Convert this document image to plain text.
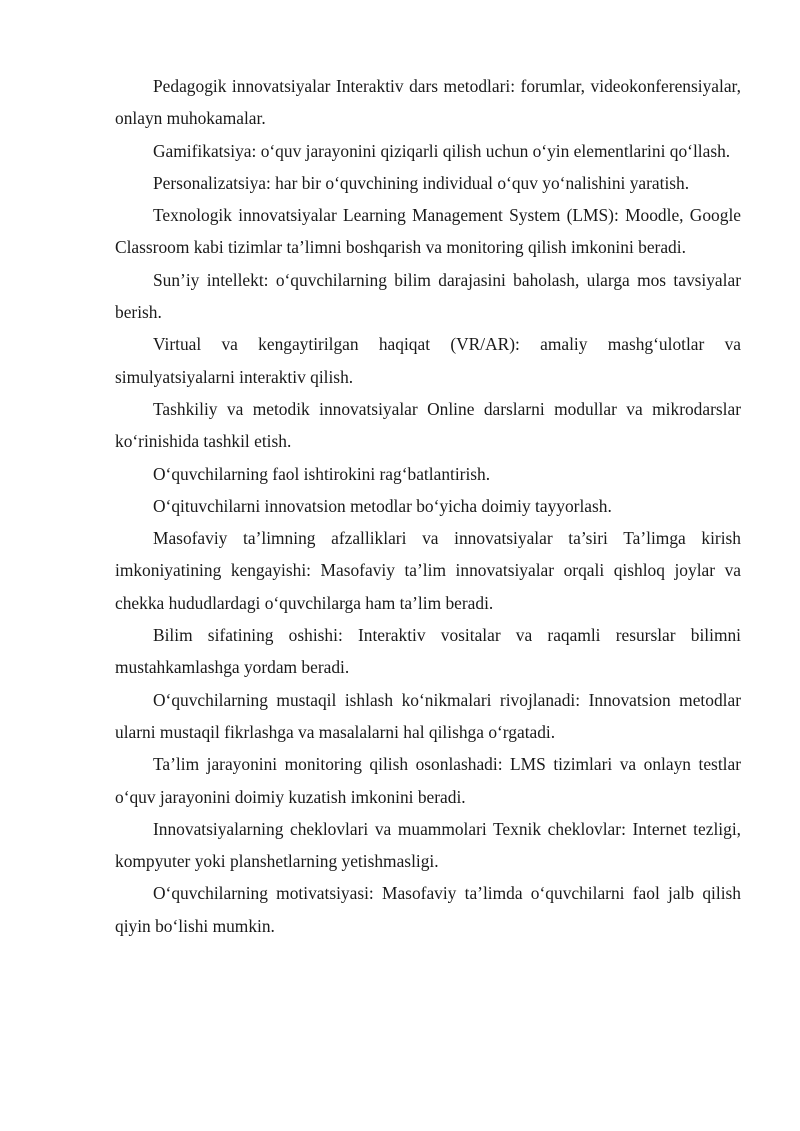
Pedagogik innovatsiyalar Interaktiv dars metodlari: forumlar, videokonferensiyalar, onlayn muhokamalar.

Gamifikatsiya: o‘quv jarayonini qiziqarli qilish uchun o‘yin elementlarini qo‘llash.

Personalizatsiya: har bir o‘quvchining individual o‘quv yo‘nalishini yaratish.

Texnologik innovatsiyalar Learning Management System (LMS): Moodle, Google Classroom kabi tizimlar ta’limni boshqarish va monitoring qilish imkonini beradi.

Sun’iy intellekt: o‘quvchilarning bilim darajasini baholash, ularga mos tavsiyalar berish.

Virtual va kengaytirilgan haqiqat (VR/AR): amaliy mashg‘ulotlar va simulyatsiyalarni interaktiv qilish.

Tashkiliy va metodik innovatsiyalar Online darslarni modullar va mikrodarslar ko‘rinishida tashkil etish.

O‘quvchilarning faol ishtirokini rag‘batlantirish.

O‘qituvchilarni innovatsion metodlar bo‘yicha doimiy tayyorlash.

Masofaviy ta’limning afzalliklari va innovatsiyalar ta’siri Ta’limga kirish imkoniyatining kengayishi: Masofaviy ta’lim innovatsiyalar orqali qishloq joylar va chekka hududlardagi o‘quvchilarga ham ta’lim beradi.

Bilim sifatining oshishi: Interaktiv vositalar va raqamli resurslar bilimni mustahkamlashga yordam beradi.

O‘quvchilarning mustaqil ishlash ko‘nikmalari rivojlanadi: Innovatsion metodlar ularni mustaqil fikrlashga va masalalarni hal qilishga o‘rgatadi.

Ta’lim jarayonini monitoring qilish osonlashadi: LMS tizimlari va onlayn testlar o‘quv jarayonini doimiy kuzatish imkonini beradi.

Innovatsiyalarning cheklovlari va muammolari Texnik cheklovlar: Internet tezligi, kompyuter yoki planshetlarning yetishmasligi.

O‘quvchilarning motivatsiyasi: Masofaviy ta’limda o‘quvchilarni faol jalb qilish qiyin bo‘lishi mumkin.
